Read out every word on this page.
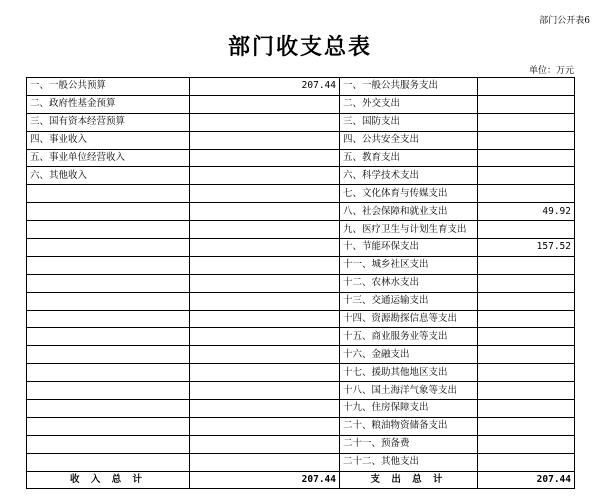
部门公开表6
部门收支总表
单位：万元
一、一般公共预算	207.44	一、一般公共服务支出	
二、政府性基金预算		二、外交支出	
三、国有资本经营预算		三、国防支出	
四、事业收入		四、公共安全支出	
五、事业单位经营收入		五、教育支出	
六、其他收入		六、科学技术支出	
		七、文化体育与传媒支出	
		八、社会保障和就业支出	49.92
		九、医疗卫生与计划生育支出	
		十、节能环保支出	157.52
		十一、城乡社区支出	
		十二、农林水支出	
		十三、交通运输支出	
		十四、资源勘探信息等支出	
		十五、商业服务业等支出	
		十六、金融支出	
		十七、援助其他地区支出	
		十八、国土海洋气象等支出	
		十九、住房保障支出	
		二十、粮油物资储备支出	
		二十一、预备费	
		二十二、其他支出	
收 入 总 计	207.44	支 出 总 计	207.44
